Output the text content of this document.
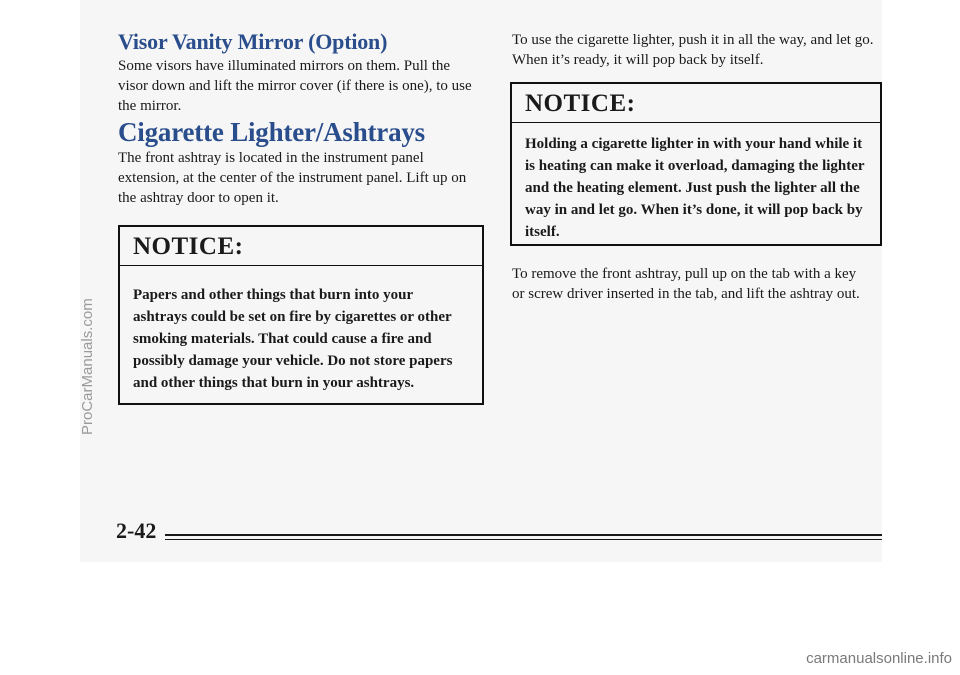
Visor Vanity Mirror (Option)

Some visors have illuminated mirrors on them. Pull the visor down and lift the mirror cover (if there is one), to use the mirror.

Cigarette Lighter/Ashtrays

The front ashtray is located in the instrument panel extension, at the center of the instrument panel. Lift up on the ashtray door to open it.

NOTICE:
Papers and other things that burn into your ashtrays could be set on fire by cigarettes or other smoking materials. That could cause a fire and possibly damage your vehicle. Do not store papers and other things that burn in your ashtrays.

To use the cigarette lighter, push it in all the way, and let go. When it’s ready, it will pop back by itself.

NOTICE:
Holding a cigarette lighter in with your hand while it is heating can make it overload, damaging the lighter and the heating element. Just push the lighter all the way in and let go. When it’s done, it will pop back by itself.

To remove the front ashtray, pull up on the tab with a key or screw driver inserted in the tab, and lift the ashtray out.

2-42
ProCarManuals.com
carmanualsonline.info
